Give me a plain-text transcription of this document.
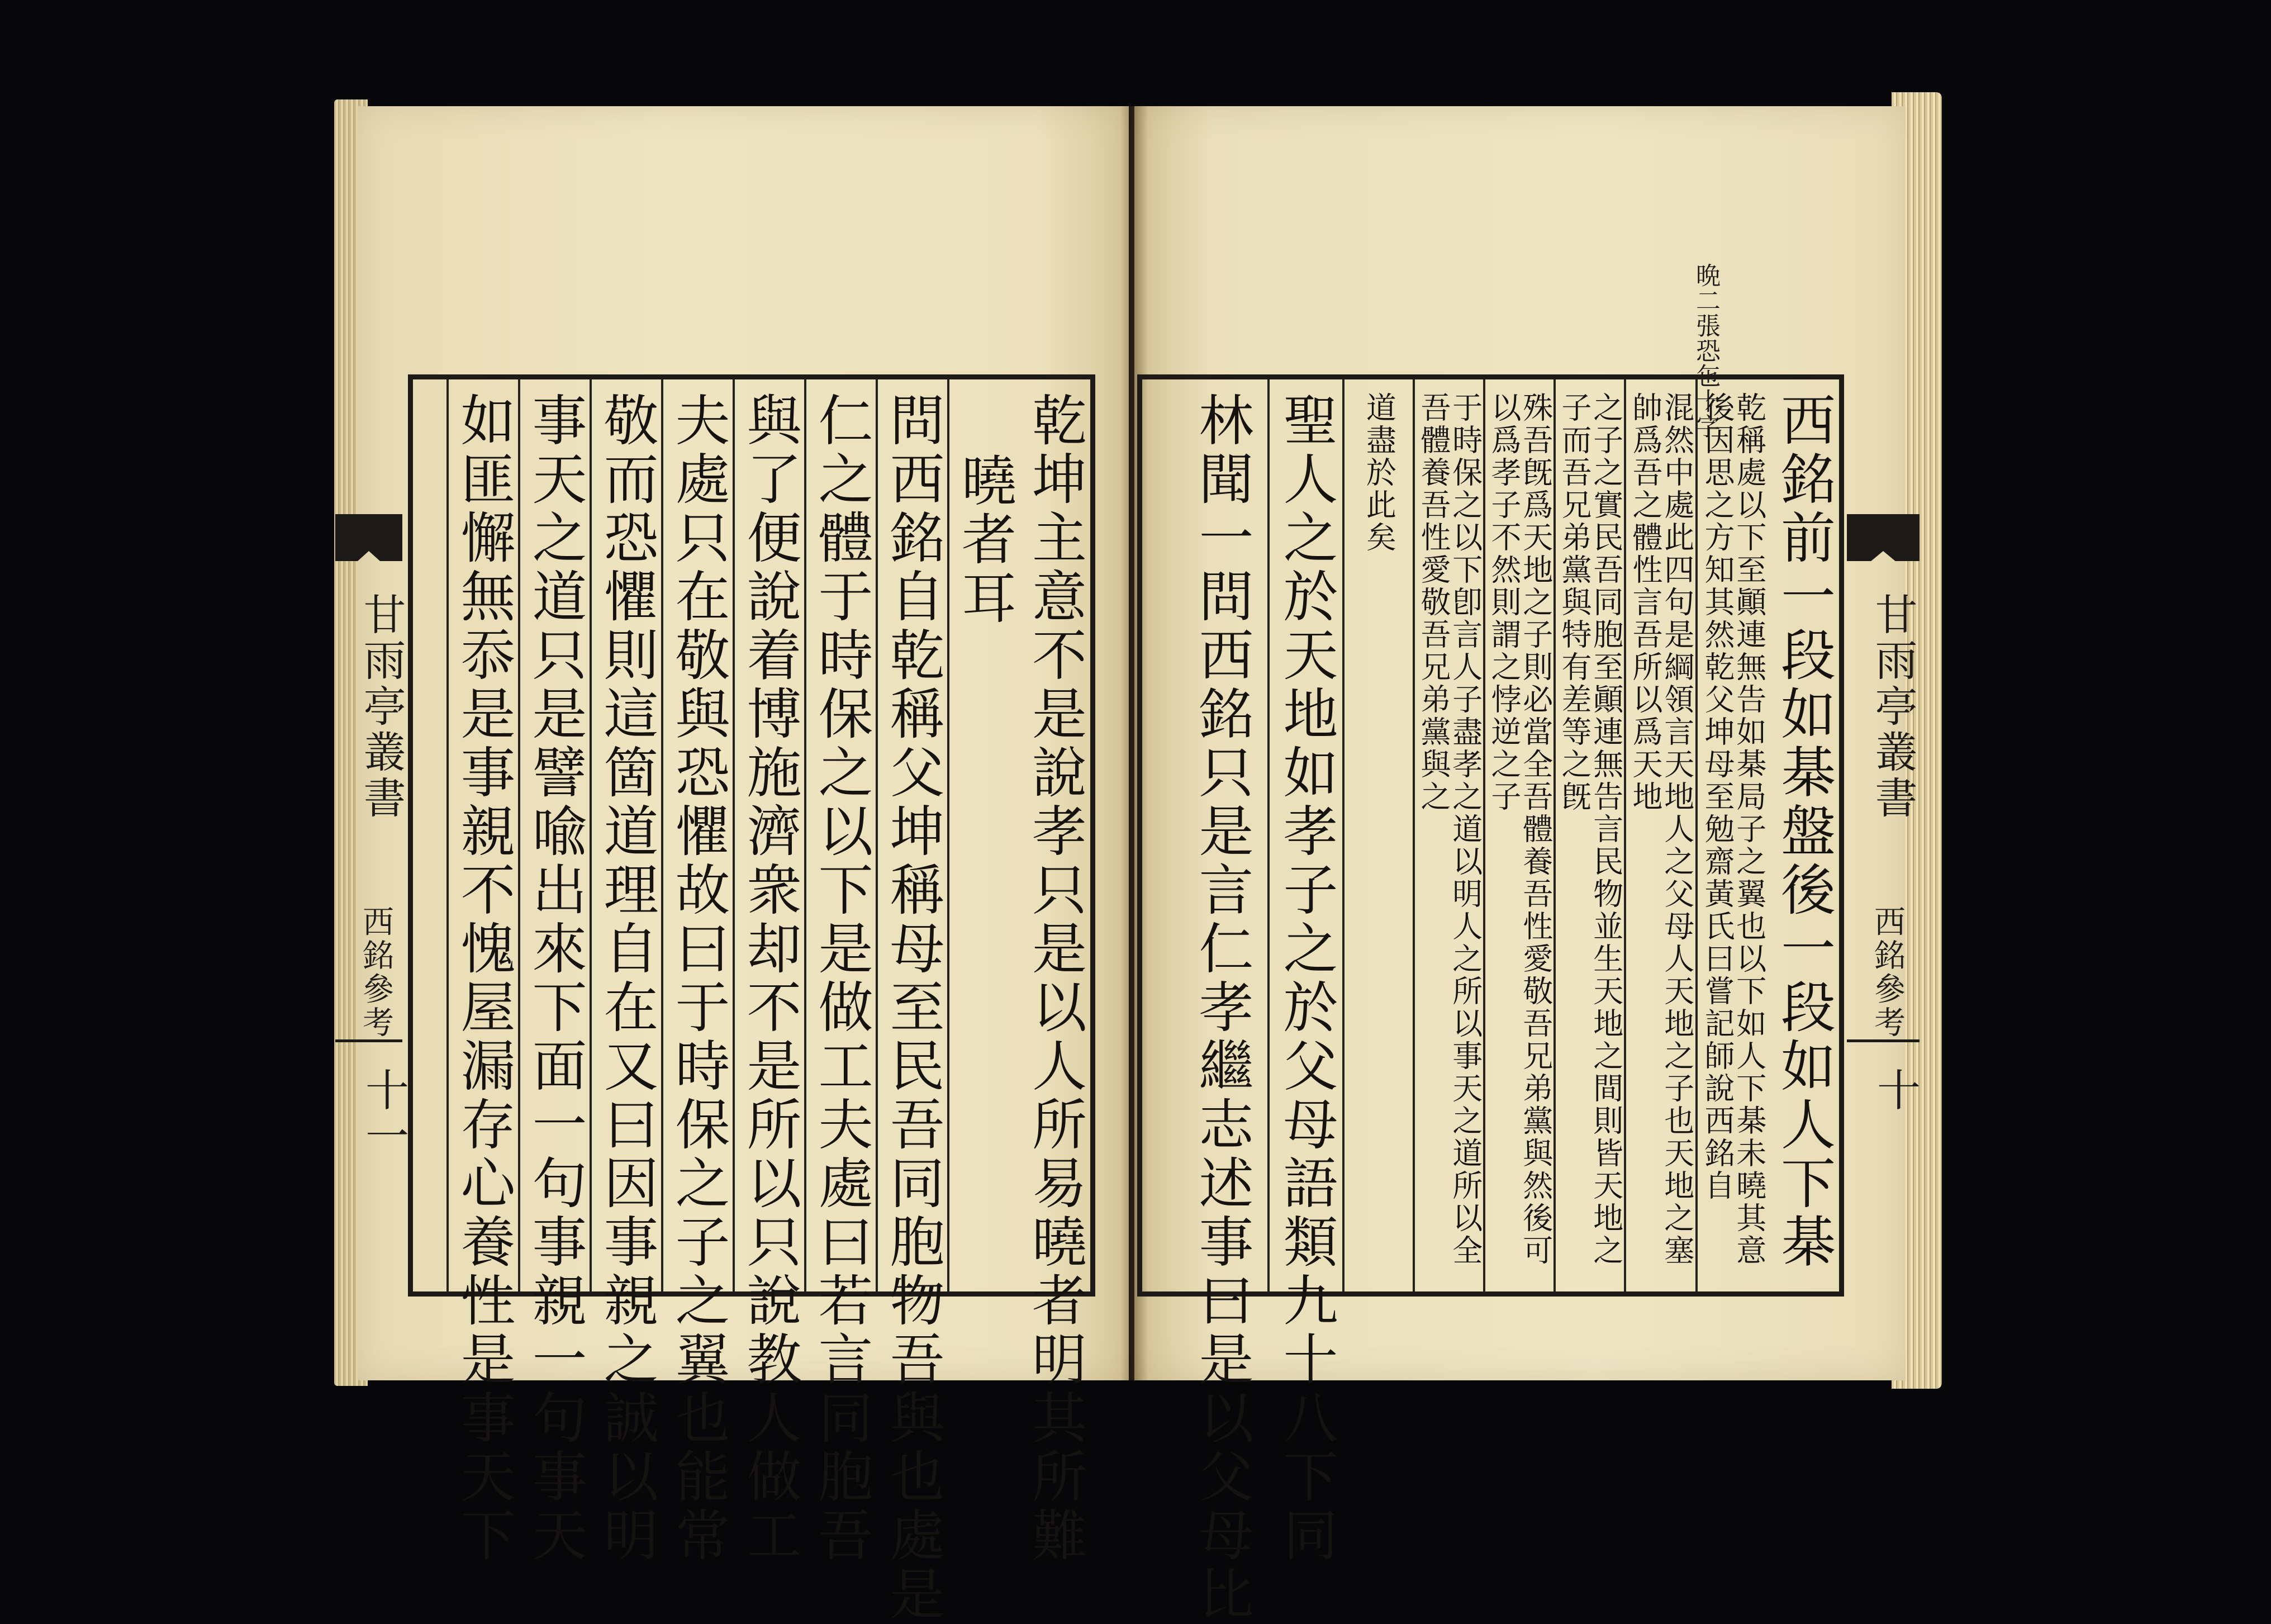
晩二張恐㐌十字
甘雨亭叢書
西銘參考
十一	乾坤主意不是說孝只是以人所易曉者明其所難
曉者耳
問西銘自乾稱父坤稱母至民吾同胞物吾與也處是
仁之體于時保之以下是做工夫處曰若言同胞吾
與了便說着博施濟衆却不是所以只說教人做工
夫處只在敬與恐懼故曰于時保之子之翼也能常
敬而恐懼則這箇道理自在又曰因事親之誠以明
事天之道只是譬喩出來下面一句事親一句事天
如匪懈無忝是事親不愧屋漏存心養性是事天下	西銘前一段如棊盤後一段如人下棊
乾稱處以下至顚連無告如棊局子之翼也以下如人下棊未曉其意後因思之方知其然乾父坤母至勉齋黃氏曰嘗記師說西銘自
混然中處此四句是綱領言天地人之父母人天地之子也天地之塞帥爲吾之體性言吾所以爲天地
之子之實民吾同胞至顚連無告言民物並生天地之間則皆天地之子而吾兄弟黨與特有差等之旣
殊吾旣爲天地之子則必當全吾體養吾性愛敬吾兄弟黨與然後可以爲孝子不然則謂之悖逆之子
于時保之以下卽言人子盡孝之道以明人之所以事天之道所以全吾體養吾性愛敬吾兄弟黨與之
道盡於此矣
聖人之於天地如孝子之於父母語類九十八下同
林聞一問西銘只是言仁孝繼志述事曰是以父母比	甘雨亭叢書
西銘參考
十
